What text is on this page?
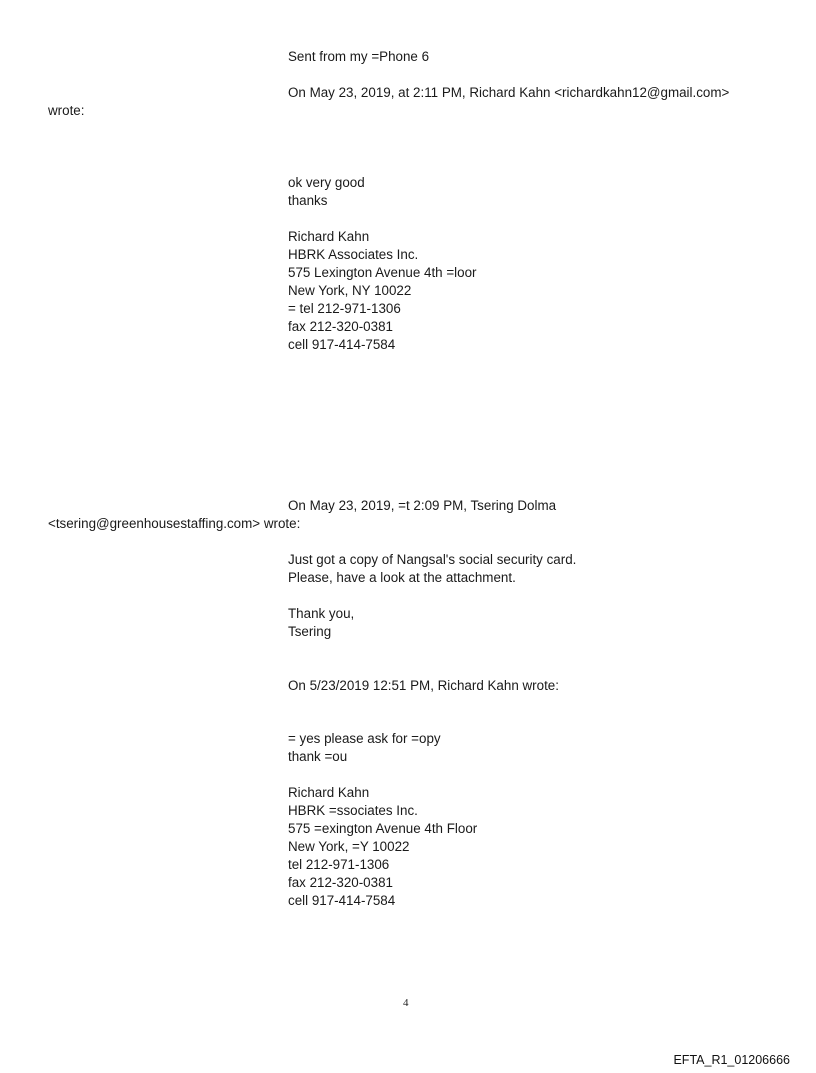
Sent from my =Phone 6
On May 23, 2019, at 2:11 PM, Richard Kahn <richardkahn12@gmail.com>
wrote:
ok very good
thanks
Richard Kahn
HBRK Associates Inc.
575 Lexington Avenue 4th =loor
New York, NY 10022
= tel 212-971-1306
fax 212-320-0381
cell 917-414-7584
On May 23, 2019, =t 2:09 PM, Tsering Dolma
<tsering@greenhousestaffing.com> wrote:
Just got a copy of Nangsal's social security card.
Please, have a look at the attachment.
Thank you,
Tsering
On 5/23/2019 12:51 PM, Richard Kahn wrote:
= yes please ask for =opy
thank =ou
Richard Kahn
HBRK =ssociates Inc.
575 =exington Avenue 4th Floor
New York, =Y 10022
tel 212-971-1306
fax 212-320-0381
cell 917-414-7584
4
EFTA_R1_01206666
